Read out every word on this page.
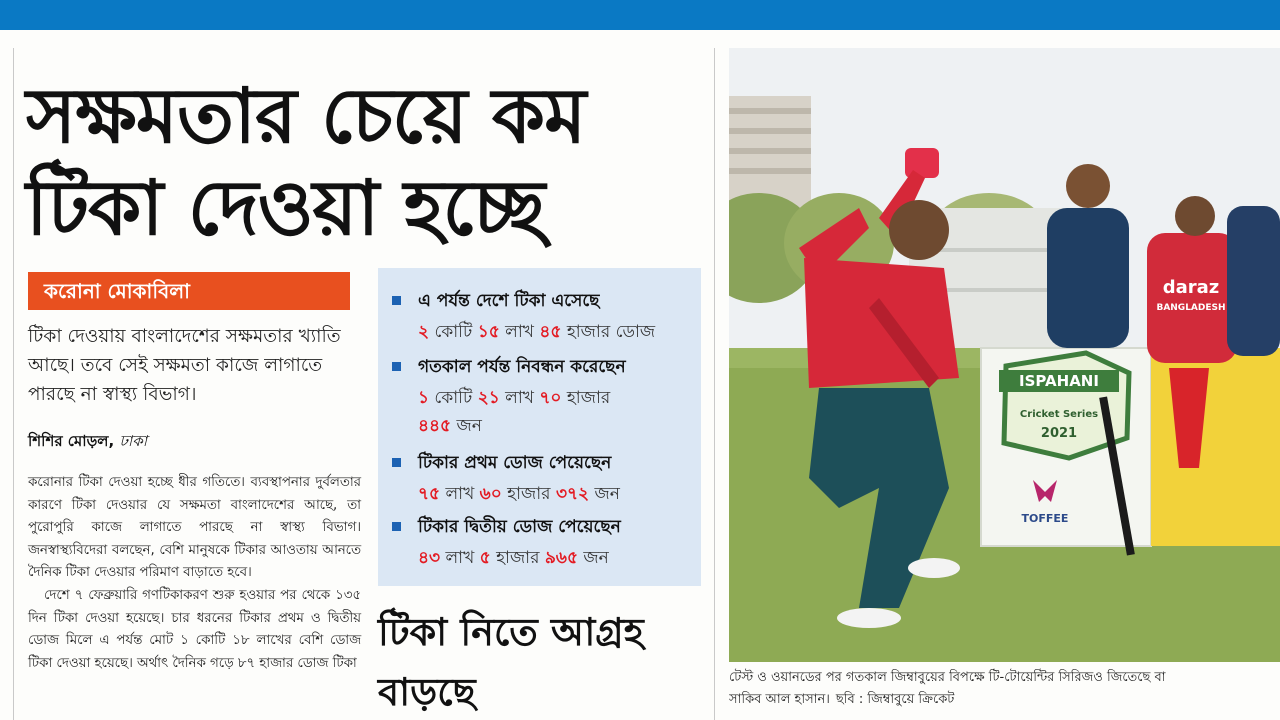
সক্ষমতার চেয়ে কম
টিকা দেওয়া হচ্ছে
করোনা মোকাবিলা

টিকা দেওয়ায় বাংলাদেশের সক্ষমতার খ্যাতি আছে। তবে সেই সক্ষমতা কাজে লাগাতে পারছে না স্বাস্থ্য বিভাগ।

শিশির মোড়ল, ঢাকা

করোনার টিকা দেওয়া হচ্ছে ধীর গতিতে। ব্যবস্থাপনার দুর্বলতার কারণে টিকা দেওয়ার যে সক্ষমতা বাংলাদেশের আছে, তা পুরোপুরি কাজে লাগাতে পারছে না স্বাস্থ্য বিভাগ। জনস্বাস্থ্যবিদেরা বলছেন, বেশি মানুষকে টিকার আওতায় আনতে দৈনিক টিকা দেওয়ার পরিমাণ বাড়াতে হবে।

দেশে ৭ ফেব্রুয়ারি গণটিকাকরণ শুরু হওয়ার পর থেকে ১৩৫ দিন টিকা দেওয়া হয়েছে। চার ধরনের টিকার প্রথম ও দ্বিতীয় ডোজ মিলে এ পর্যন্ত মোট ১ কোটি ১৮ লাখের বেশি ডোজ টিকা দেওয়া হয়েছে। অর্থাৎ দৈনিক গড়ে ৮৭ হাজার ডোজ টিকা

এ পর্যন্ত দেশে টিকা এসেছে
২ কোটি ১৫ লাখ ৪৫ হাজার ডোজ
গতকাল পর্যন্ত নিবন্ধন করেছেন
১ কোটি ২১ লাখ ৭০ হাজার
৪৪৫ জন
টিকার প্রথম ডোজ পেয়েছেন
৭৫ লাখ ৬০ হাজার ৩৭২ জন
টিকার দ্বিতীয় ডোজ পেয়েছেন
৪৩ লাখ ৫ হাজার ৯৬৫ জন
টিকা নিতে আগ্রহ
বাড়ছে
ISPAHANI
Cricket Series
2021
TOFFEE
daraz
BANGLADESH
টেস্ট ও ওয়ানডের পর গতকাল জিম্বাবুয়ের বিপক্ষে টি-টোয়েন্টির সিরিজও জিতেছে বা
সাকিব আল হাসান। ছবি : জিম্বাবুয়ে ক্রিকেট
